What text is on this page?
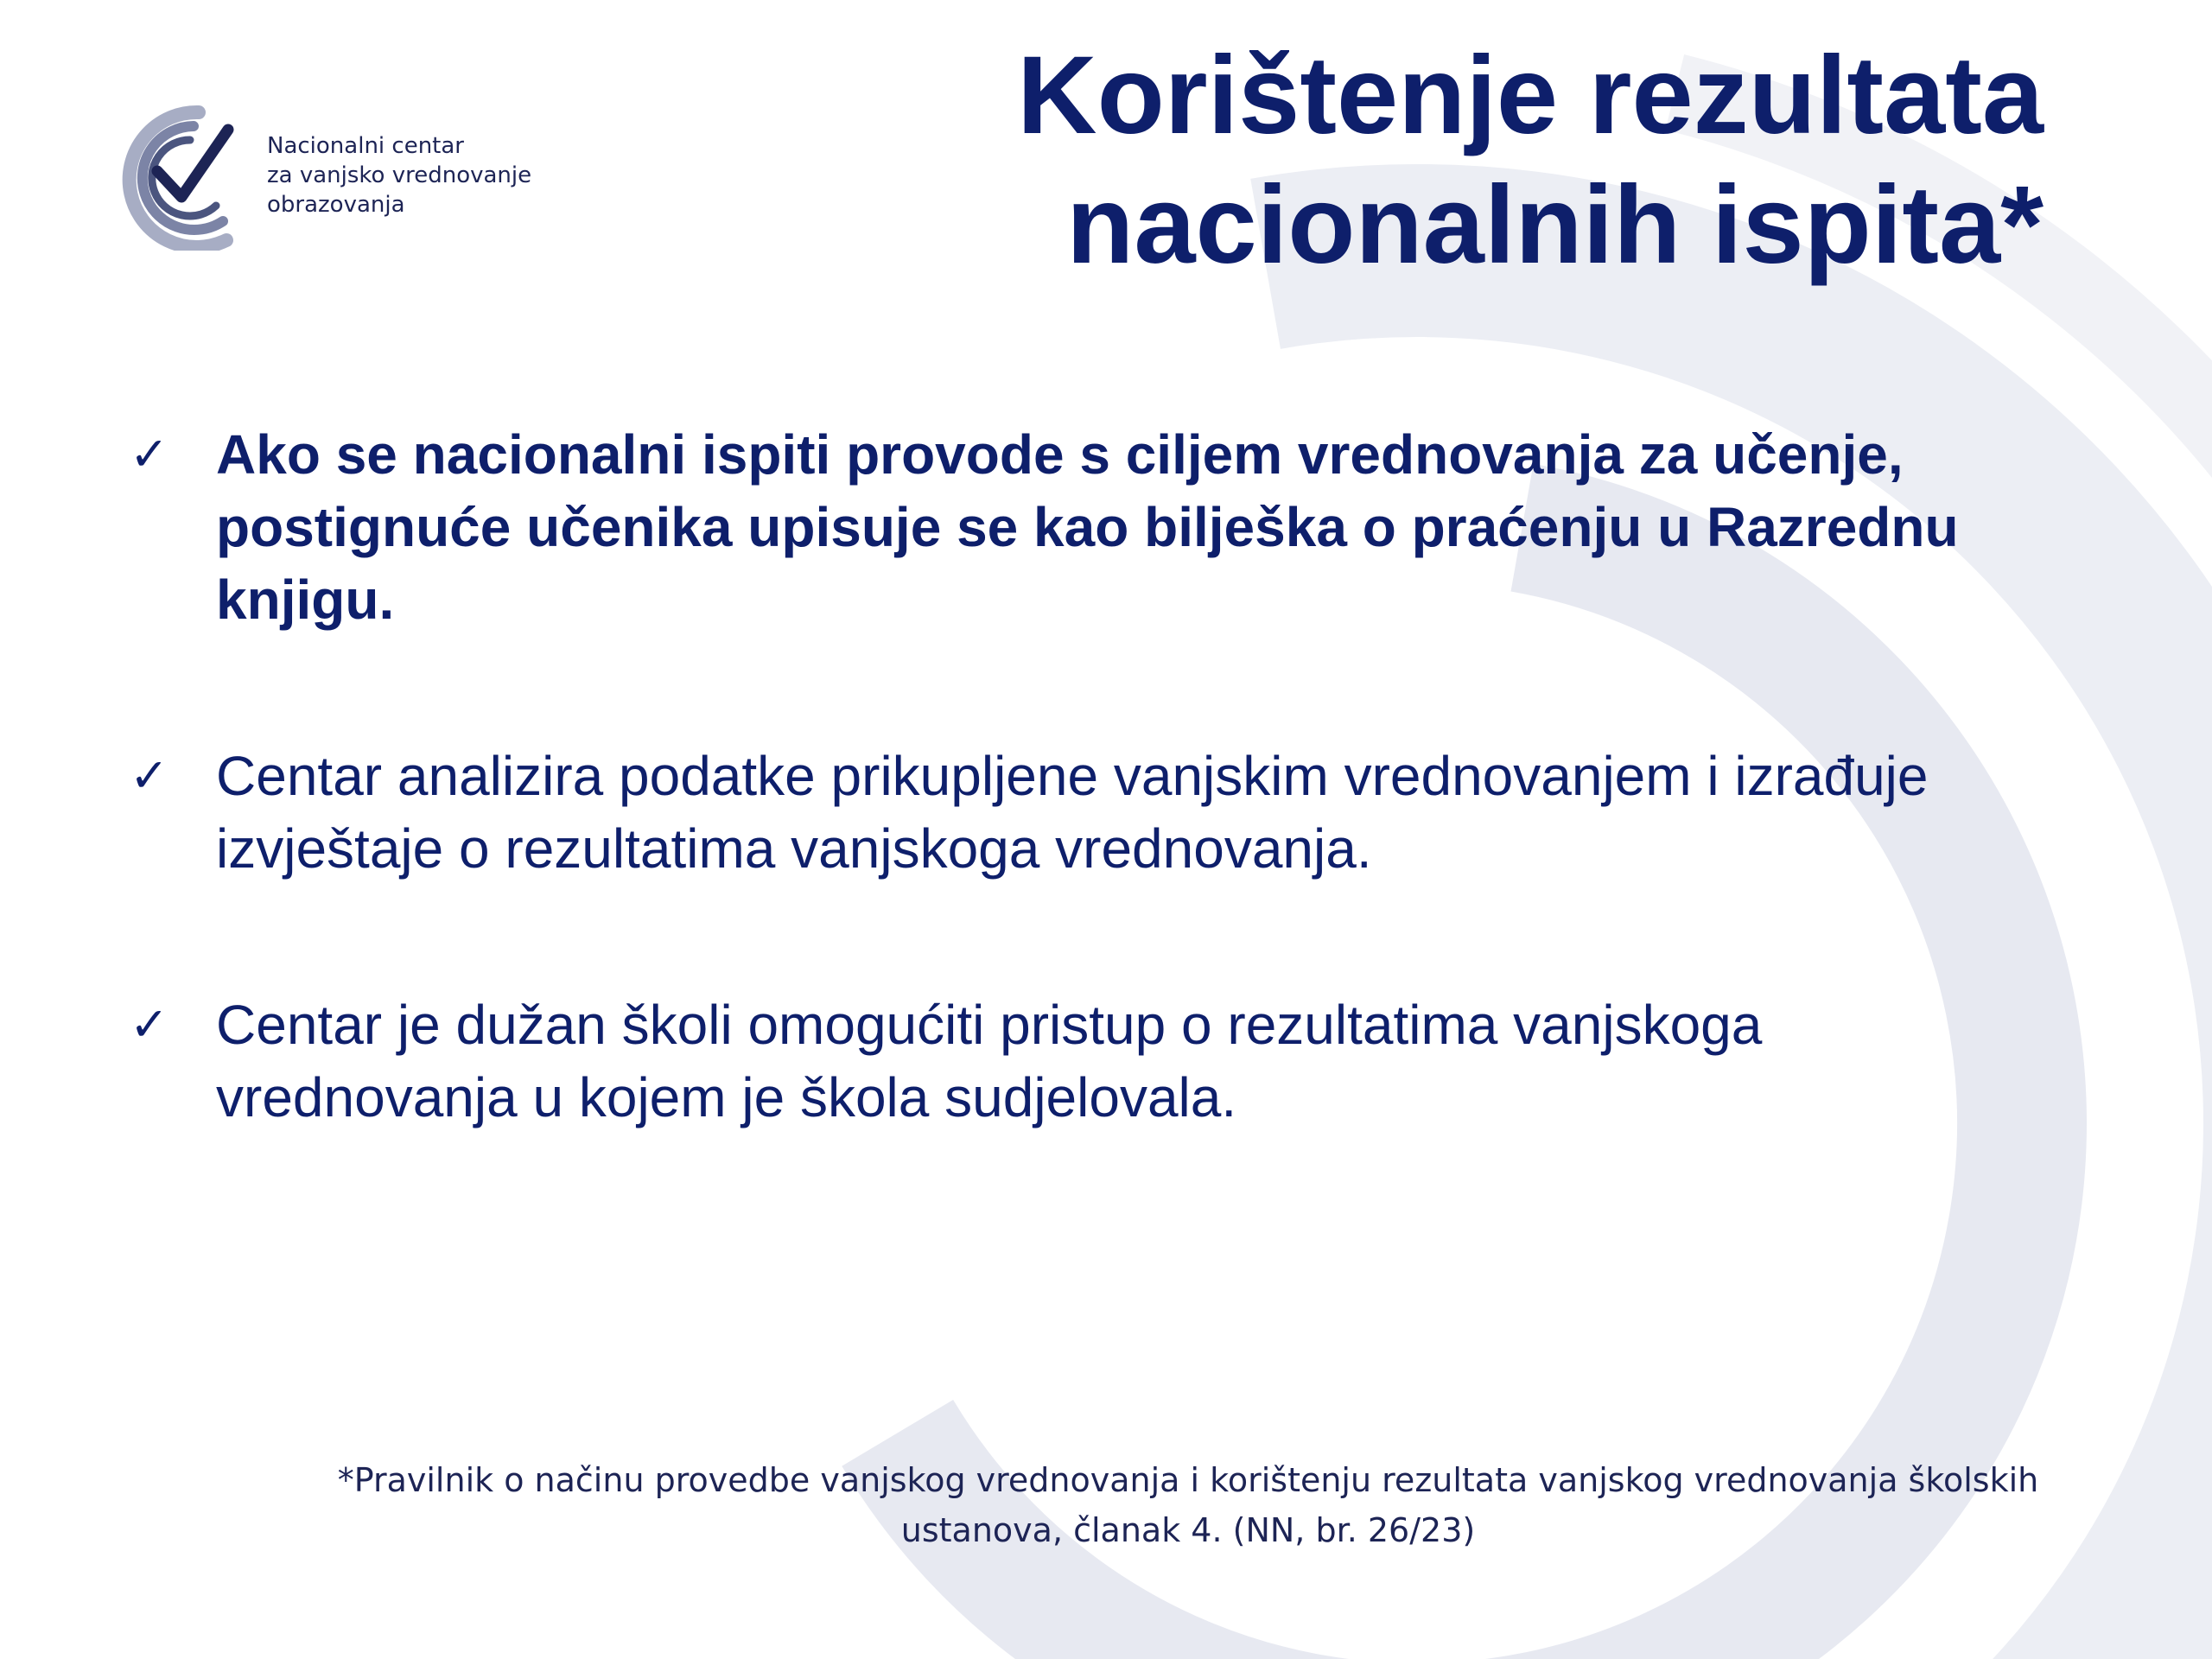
Nacionalni centar
za vanjsko vrednovanje
obrazovanja
Korištenje rezultata
nacionalnih ispita*
✓ Ako se nacionalni ispiti provode s ciljem vrednovanja za učenje, postignuće učenika upisuje se kao bilješka o praćenju u Razrednu knjigu.
✓ Centar analizira podatke prikupljene vanjskim vrednovanjem i izrađuje izvještaje o rezultatima vanjskoga vrednovanja.
✓ Centar je dužan školi omogućiti pristup o rezultatima vanjskoga vrednovanja u kojem je škola sudjelovala.
*Pravilnik o načinu provedbe vanjskog vrednovanja i korištenju rezultata vanjskog vrednovanja školskih
ustanova, članak 4. (NN, br. 26/23)
